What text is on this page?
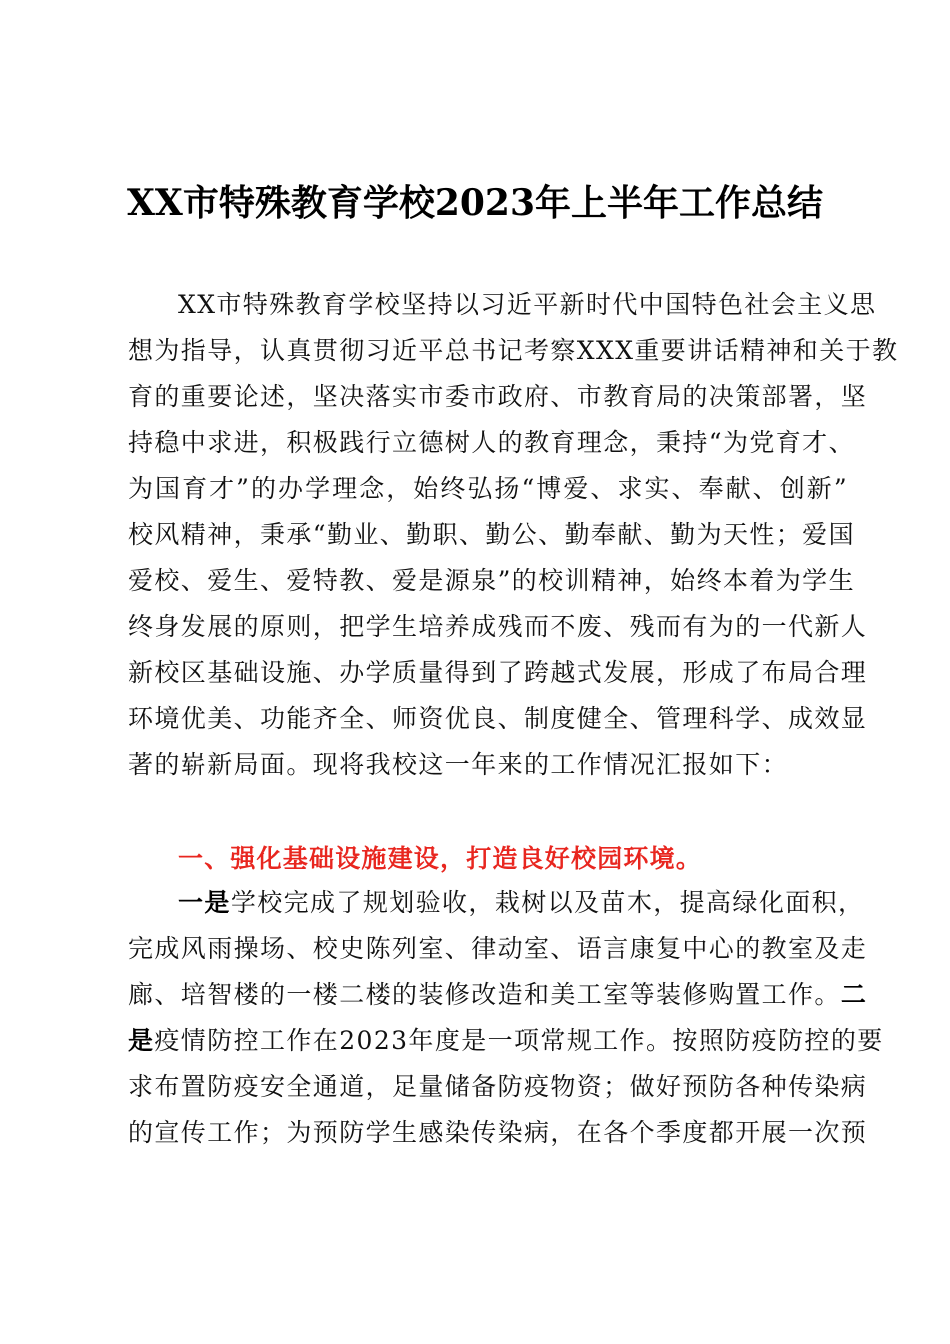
XX市特殊教育学校2023年上半年工作总结
XX市特殊教育学校坚持以习近平新时代中国特色社会主义思
想为指导，认真贯彻习近平总书记考察XXX重要讲话精神和关于教
育的重要论述，坚决落实市委市政府、市教育局的决策部署，坚
持稳中求进，积极践行立德树人的教育理念，秉持“为党育才、
为国育才”的办学理念，始终弘扬“博爱、求实、奉献、创新”
校风精神，秉承“勤业、勤职、勤公、勤奉献、勤为天性；爱国
爱校、爱生、爱特教、爱是源泉”的校训精神，始终本着为学生
终身发展的原则，把学生培养成残而不废、残而有为的一代新人
新校区基础设施、办学质量得到了跨越式发展，形成了布局合理
环境优美、功能齐全、师资优良、制度健全、管理科学、成效显
著的崭新局面。现将我校这一年来的工作情况汇报如下：
一、强化基础设施建设，打造良好校园环境。
一是学校完成了规划验收，栽树以及苗木，提高绿化面积，
完成风雨操场、校史陈列室、律动室、语言康复中心的教室及走
廊、培智楼的一楼二楼的装修改造和美工室等装修购置工作。二
是疫情防控工作在2023年度是一项常规工作。按照防疫防控的要
求布置防疫安全通道，足量储备防疫物资；做好预防各种传染病
的宣传工作；为预防学生感染传染病，在各个季度都开展一次预
